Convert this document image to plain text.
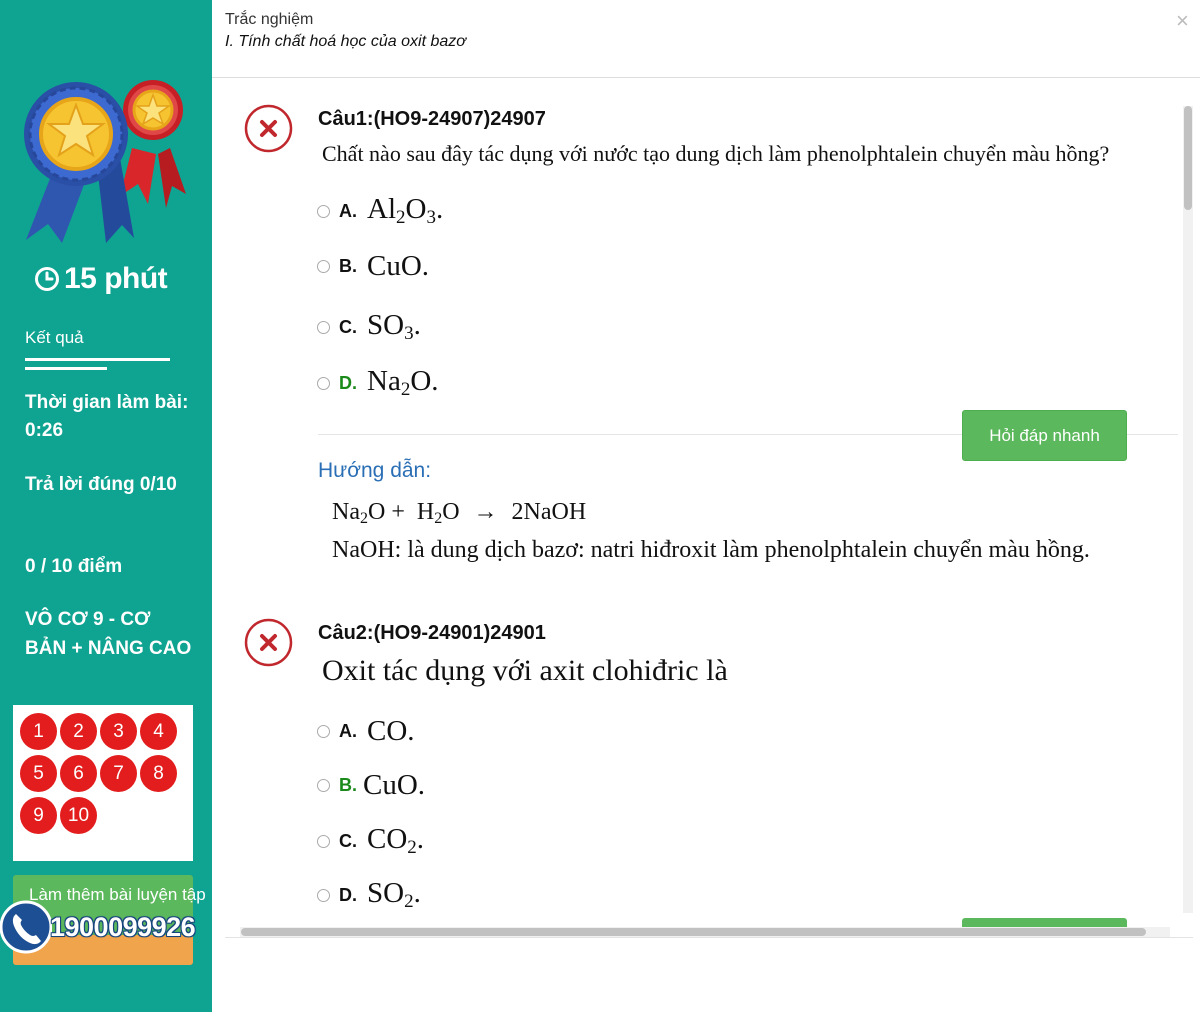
15 phút
Kết quả
Thời gian làm bài: 0:26
Trả lời đúng 0/10
0 / 10 điểm
VÔ CƠ 9 - CƠ BẢN + NÂNG CAO
1 2 3 45 6 7 89 10
Làm thêm bài luyện tập
1900099926
Trắc nghiệm
I. Tính chất hoá học của oxit bazơ
×
Câu1:(HO9-24907)24907
Chất nào sau đây tác dụng với nước tạo dung dịch làm phenolphtalein chuyển màu hồng?
A. $Al_2O_3$.
B. CuO.
C. $SO_3$.
D. $Na_2O$.
Hỏi đáp nhanh
Hướng dẫn:
$Na_2O + H_2O$ → 2NaOH
NaOH: là dung dịch bazơ: natri hiđroxit làm phenolphtalein chuyển màu hồng.
Câu2:(HO9-24901)24901
Oxit tác dụng với axit clohiđric là
A. CO.
B. CuO.
C. $CO_2$.
D. $SO_2$.
